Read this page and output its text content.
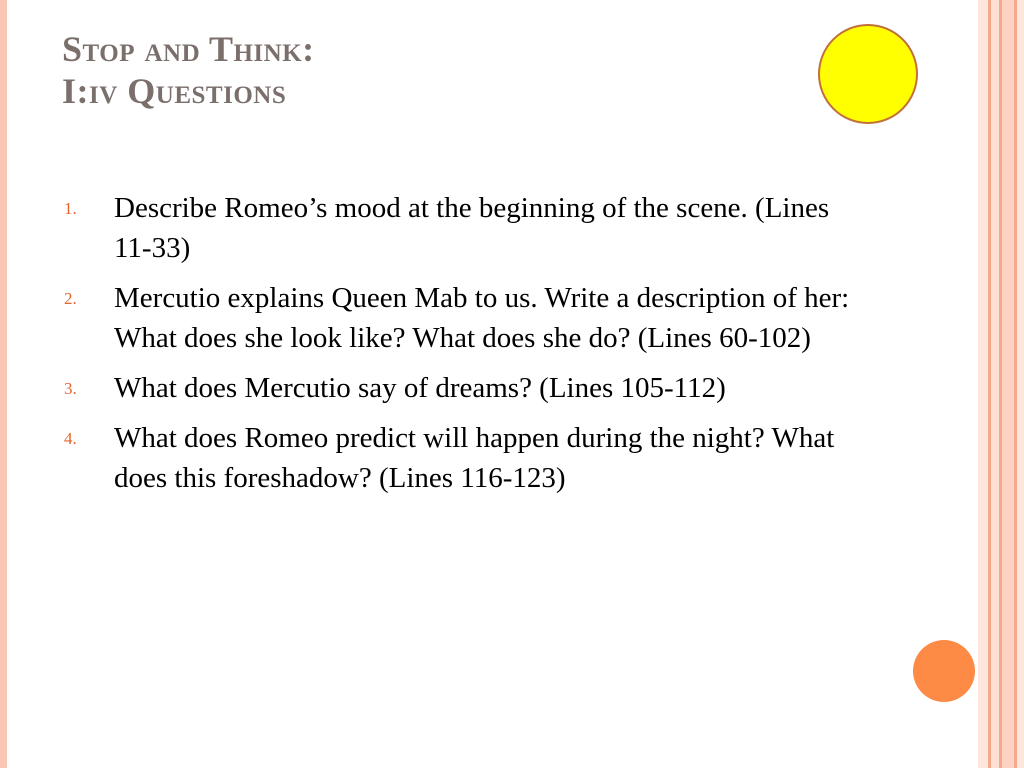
Stop and Think:
I:iv Questions
1. Describe Romeo’s mood at the beginning of the scene. (Lines 11-33)
2. Mercutio explains Queen Mab to us. Write a description of her: What does she look like? What does she do? (Lines 60-102)
3. What does Mercutio say of dreams? (Lines 105-112)
4. What does Romeo predict will happen during the night? What does this foreshadow? (Lines 116-123)
